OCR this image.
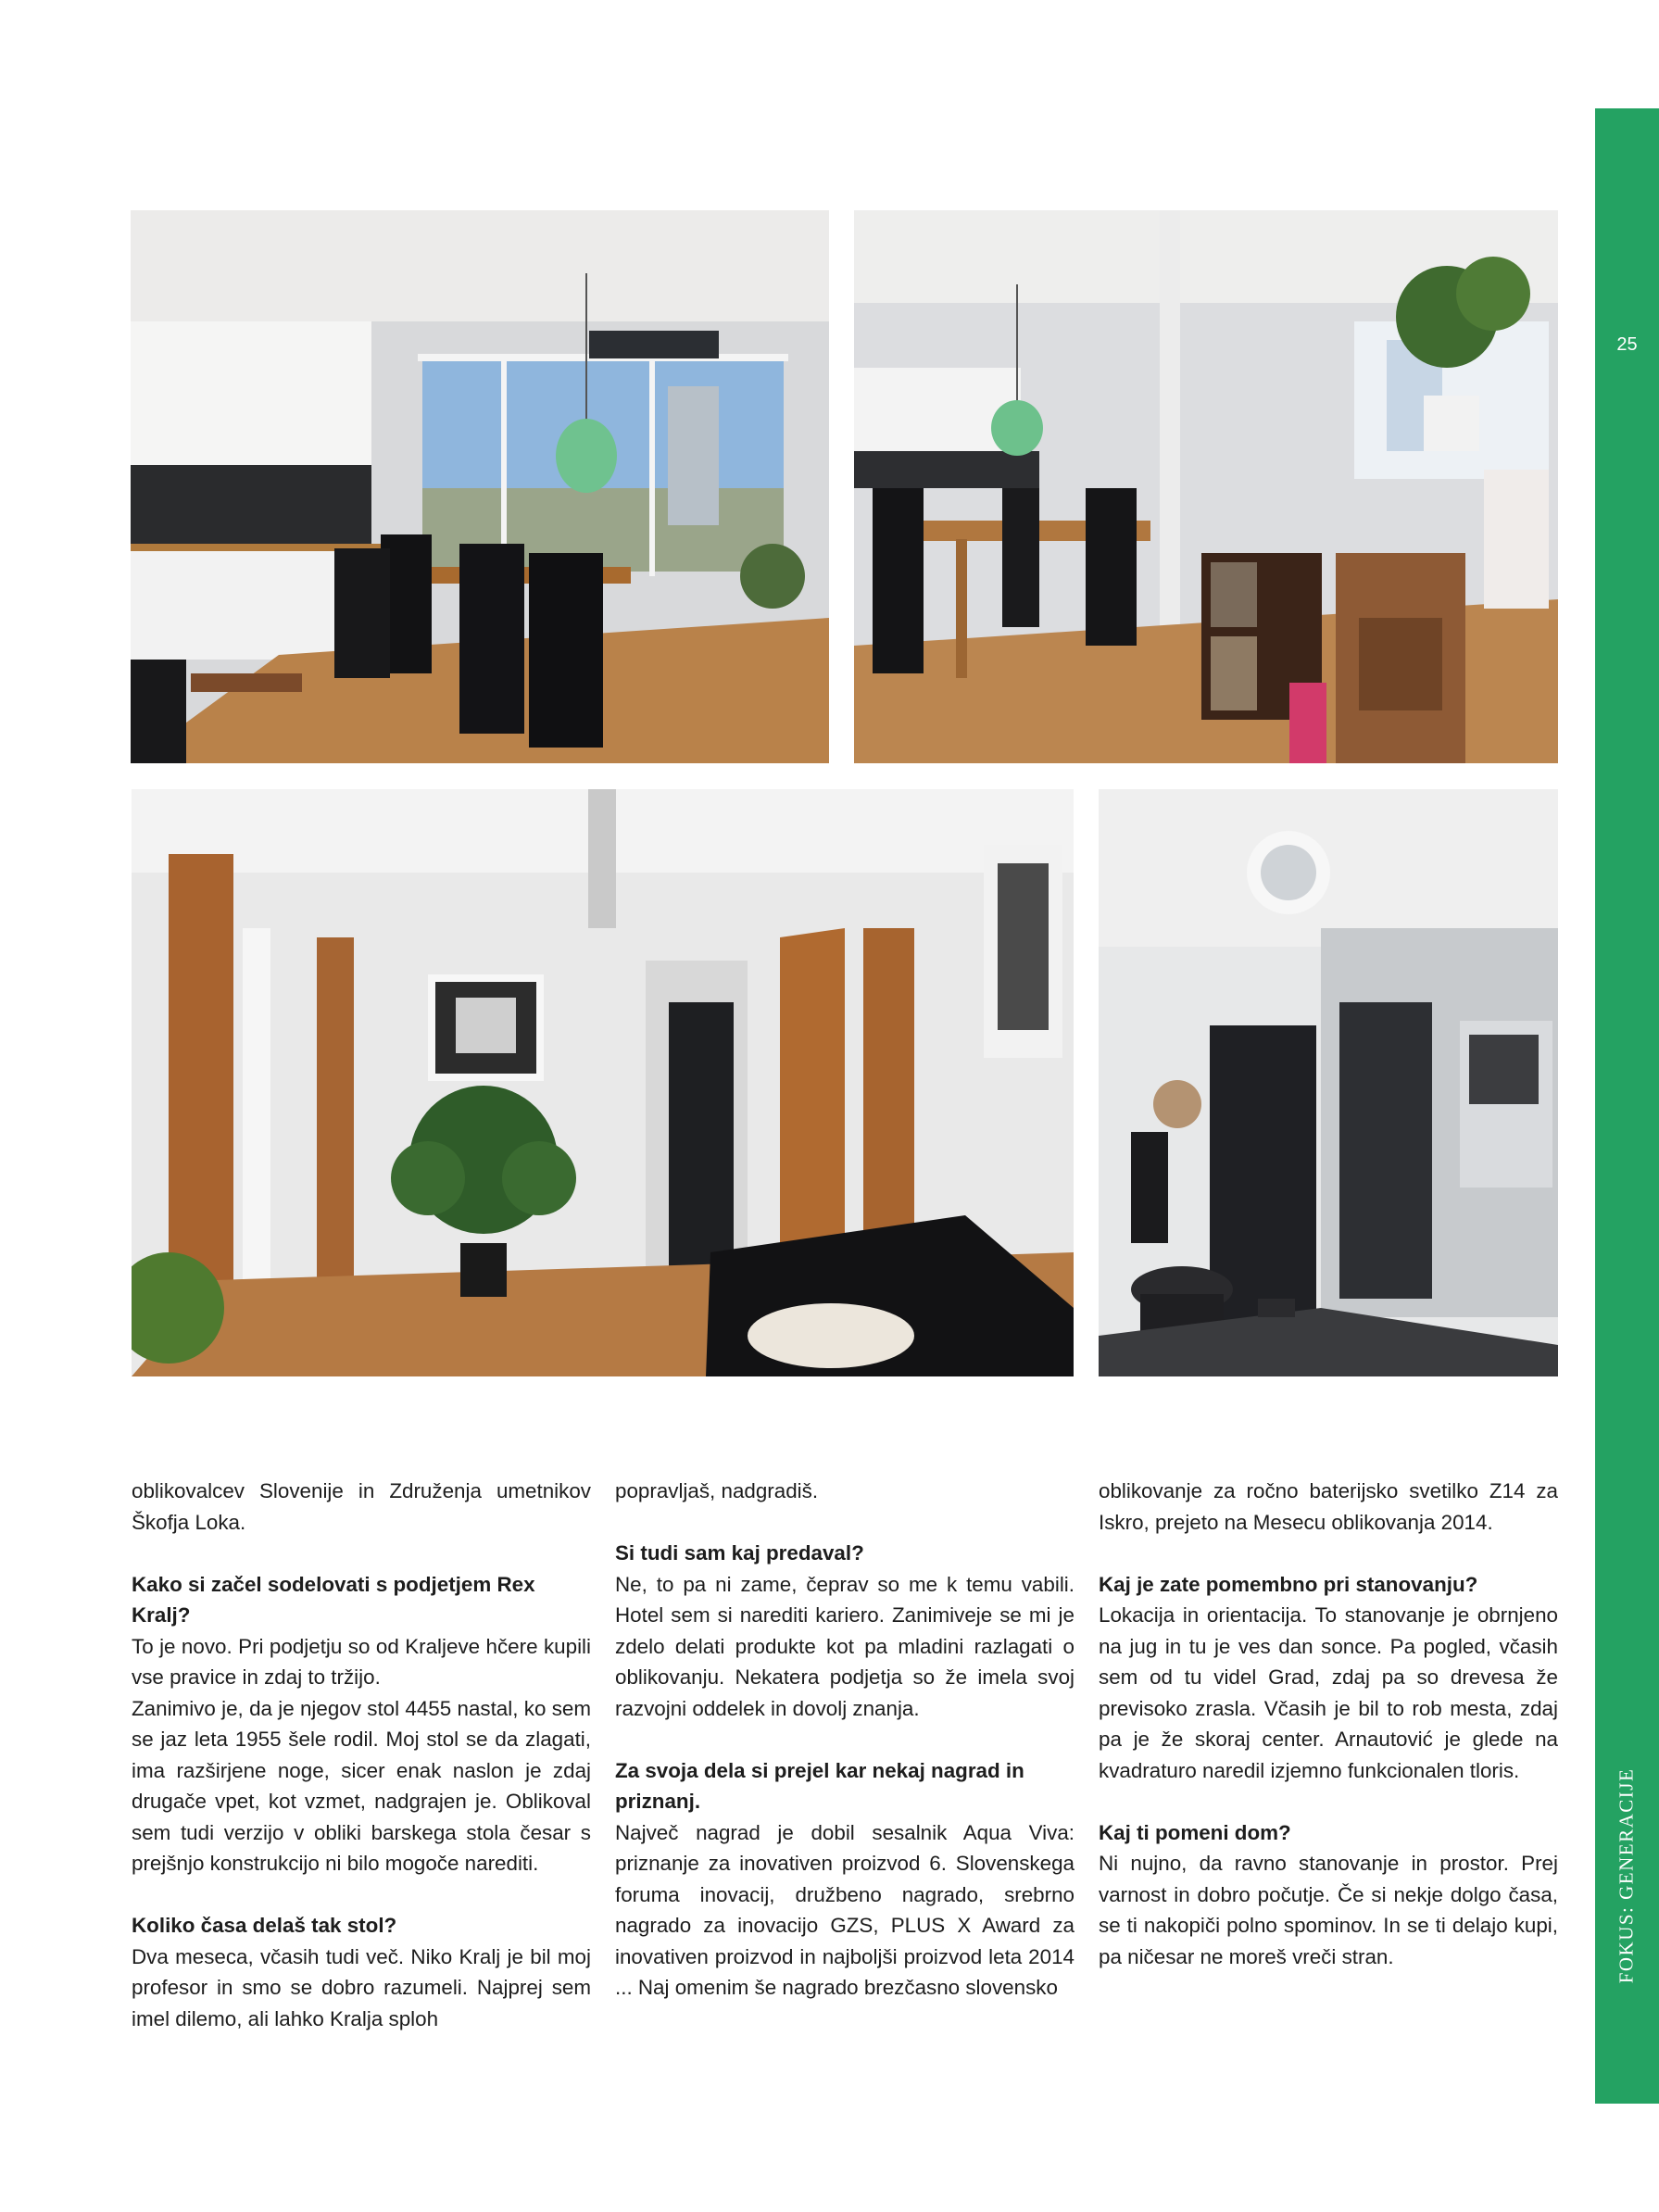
25
FOKUS: GENERACIJE

oblikovalcev Slovenije in Združenja umetnikov Škofja Loka.

Kako si začel sodelovati s podjetjem Rex Kralj?

To je novo. Pri podjetju so od Kraljeve hčere kupili vse pravice in zdaj to tržijo.

Zanimivo je, da je njegov stol 4455 nastal, ko sem se jaz leta 1955 šele rodil. Moj stol se da zlagati, ima razširjene noge, sicer enak naslon je zdaj drugače vpet, kot vzmet, nadgrajen je. Oblikoval sem tudi verzijo v obliki barskega stola česar s prejšnjo konstrukcijo ni bilo mogoče narediti.

Koliko časa delaš tak stol?

Dva meseca, včasih tudi več. Niko Kralj je bil moj profesor in smo se dobro razumeli. Najprej sem imel dilemo, ali lahko Kralja sploh

popravljaš, nadgradiš.

Si tudi sam kaj predaval?

Ne, to pa ni zame, čeprav so me k temu vabili. Hotel sem si narediti kariero. Zanimiveje se mi je zdelo delati produkte kot pa mladini razlagati o oblikovanju. Nekatera podjetja so že imela svoj razvojni oddelek in dovolj znanja.

Za svoja dela si prejel kar nekaj nagrad in priznanj.

Največ nagrad je dobil sesalnik Aqua Viva: priznanje za inovativen proizvod 6. Slovenskega foruma inovacij, družbeno nagrado, srebrno nagrado za inovacijo GZS, PLUS X Award za inovativen proizvod in najboljši proizvod leta 2014 ... Naj omenim še nagrado brezčasno slovensko

oblikovanje za ročno baterijsko svetilko Z14 za Iskro, prejeto na Mesecu oblikovanja 2014.

Kaj je zate pomembno pri stanovanju?

Lokacija in orientacija. To stanovanje je obrnjeno na jug in tu je ves dan sonce. Pa pogled, včasih sem od tu videl Grad, zdaj pa so drevesa že previsoko zrasla. Včasih je bil to rob mesta, zdaj pa je že skoraj center. Arnautović je glede na kvadraturo naredil izjemno funkcionalen tloris.

Kaj ti pomeni dom?

Ni nujno, da ravno stanovanje in prostor. Prej varnost in dobro počutje. Če si nekje dolgo časa, se ti nakopiči polno spominov. In se ti delajo kupi, pa ničesar ne moreš vreči stran.
